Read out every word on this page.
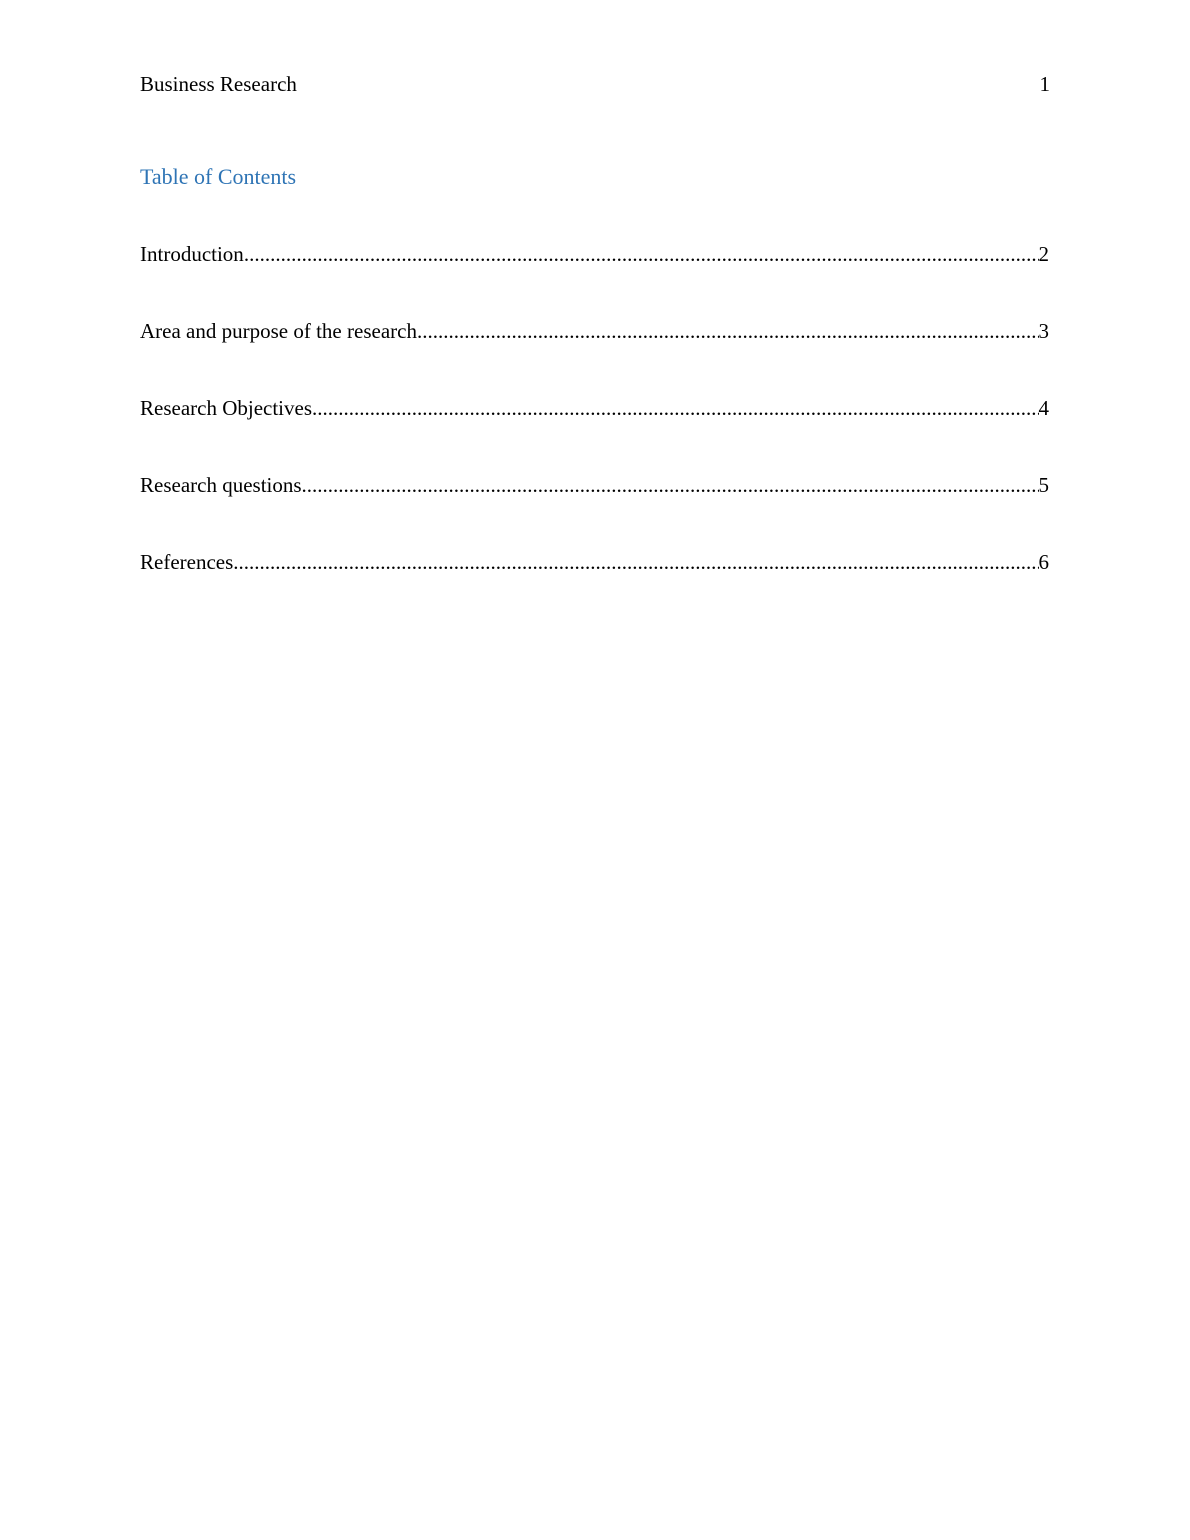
Business Research	1
Table of Contents
Introduction .....	2
Area and purpose of the research .....	3
Research Objectives .....	4
Research questions .....	5
References .....	6
